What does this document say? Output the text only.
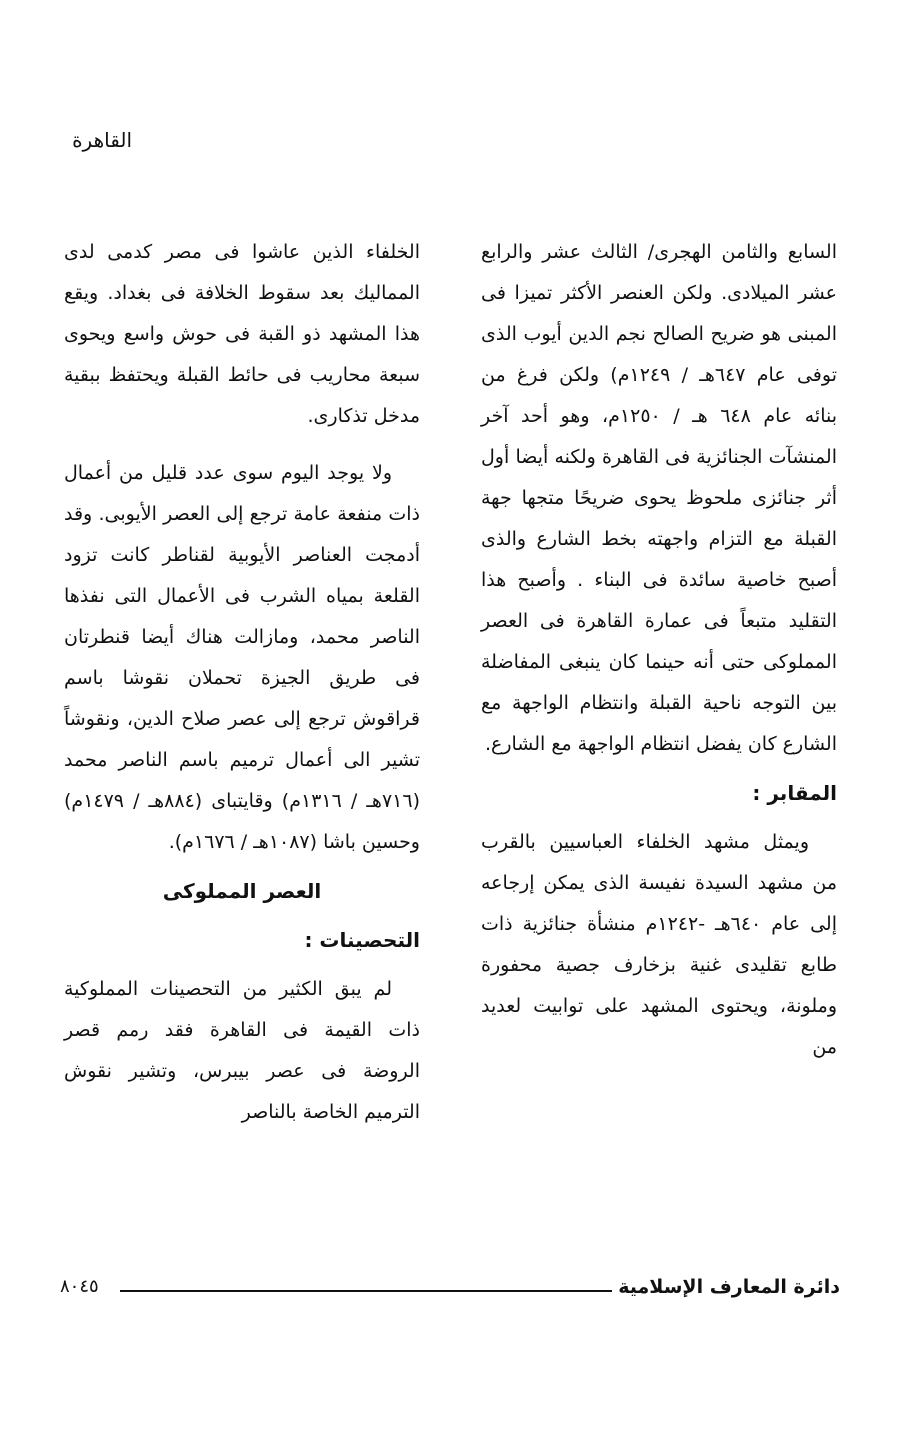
القاهرة

السابع والثامن الهجرى/ الثالث عشر والرابع عشر الميلادى. ولكن العنصر الأكثر تميزا فى المبنى هو ضريح الصالح نجم الدين أيوب الذى توفى عام ٦٤٧هـ / ١٢٤٩م) ولكن فرغ من بنائه عام ٦٤٨ هـ / ١٢٥٠م، وهو أحد آخر المنشآت الجنائزية فى القاهرة ولكنه أيضا أول أثر جنائزى ملحوظ يحوى ضريحًا متجها جهة القبلة مع التزام واجهته بخط الشارع والذى أصبح خاصية سائدة فى البناء . وأصبح هذا التقليد متبعاً فى عمارة القاهرة فى العصر المملوكى حتى أنه حينما كان ينبغى المفاضلة بين التوجه ناحية القبلة وانتظام الواجهة مع الشارع كان يفضل انتظام الواجهة مع الشارع.

المقابر :

ويمثل مشهد الخلفاء العباسيين بالقرب من مشهد السيدة نفيسة الذى يمكن إرجاعه إلى عام ٦٤٠هـ -١٢٤٢م منشأة جنائزية ذات طابع تقليدى غنية بزخارف جصية محفورة وملونة، ويحتوى المشهد على توابيت لعديد من

الخلفاء الذين عاشوا فى مصر كدمى لدى المماليك بعد سقوط الخلافة فى بغداد. ويقع هذا المشهد ذو القبة فى حوش واسع ويحوى سبعة محاريب فى حائط القبلة ويحتفظ ببقية مدخل تذكارى.

ولا يوجد اليوم سوى عدد قليل من أعمال ذات منفعة عامة ترجع إلى العصر الأيوبى. وقد أدمجت العناصر الأيوبية لقناطر كانت تزود القلعة بمياه الشرب فى الأعمال التى نفذها الناصر محمد، ومازالت هناك أيضا قنطرتان فى طريق الجيزة تحملان نقوشا باسم قراقوش ترجع إلى عصر صلاح الدين، ونقوشاً تشير الى أعمال ترميم باسم الناصر محمد (٧١٦هـ / ١٣١٦م) وقايتباى (٨٨٤هـ / ١٤٧٩م) وحسين باشا (١٠٨٧هـ / ١٦٧٦م).

العصر المملوكى
التحصينات :

لم يبق الكثير من التحصينات المملوكية ذات القيمة فى القاهرة فقد رمم قصر الروضة فى عصر بيبرس، وتشير نقوش الترميم الخاصة بالناصر

دائرة المعارف الإسلامية
٨٠٤٥
